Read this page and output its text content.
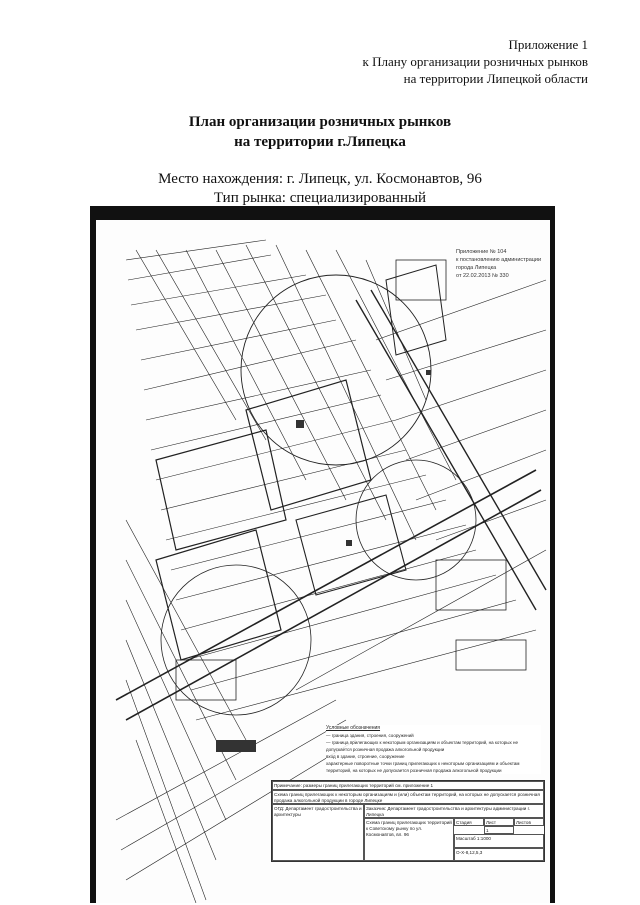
Приложение 1
к Плану организации розничных рынков
на территории Липецкой области
План организации розничных рынков
на территории г.Липецка
Место нахождения: г. Липецк, ул. Космонавтов, 96
Тип рынка: специализированный
Приложение № 104
к постановлению администрации
города Липецка
от 22.02.2013 № 330
Условные обозначения
— граница здания, строения, сооружений
— граница прилегающих к некоторым организациям и объектам территорий, на которых не допускается розничная продажа алкогольной продукции
вход в здание, строение, сооружение
характерные поворотные точки границ прилегающих к некоторым организациям и объектам территорий, на которых не допускается розничная продажа алкогольной продукции
Примечание: размеры границ прилегающих территорий см. приложение 1
Схема границ прилегающих к некоторым организациям и (или) объектам территорий, на которых не допускается розничная продажа алкогольной продукции в городе Липецке
ОГД: Департамент градостроительства и архитектуры
Заказчик: Департамент градостроительства и архитектуры администрации г. Липецка
Схема границ прилегающих территорий к Советскому рынку по ул. Космонавтов, вл. 96
Стадия	Лист	Листов
1
Масштаб 1:1000
О-Х-8,12,5,3
